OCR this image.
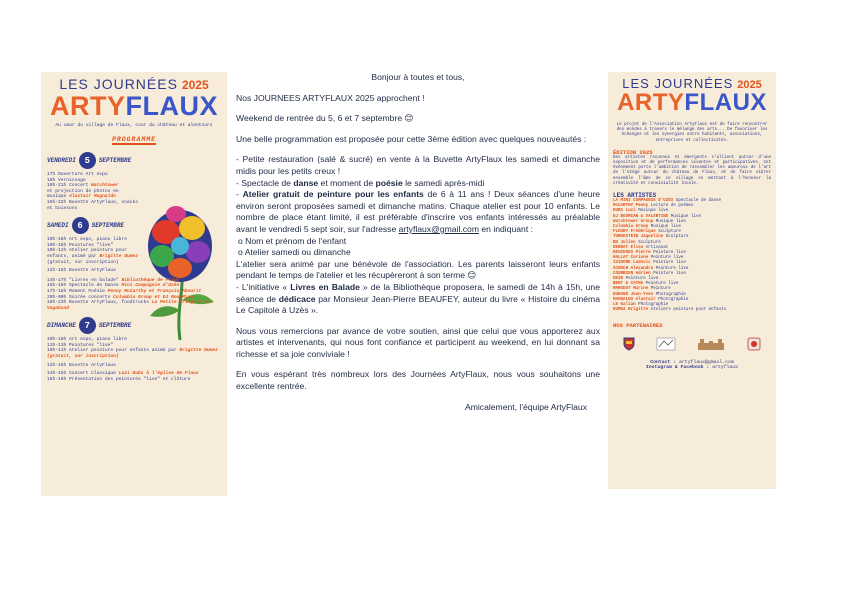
LES JOURNÉES 2025
ARTYFLAUX
Au cœur du village de Flaux, cour du château et alentours
PROGRAMME
VENDREDI 5	SEPTEMBRE
17h Ouverture Art expo
18h Vernissage
19h-21h Concert Watchtower
et projection de photos en musique Alastair Magnaldo
19h-22h Buvette ArtyFlaux, snacks et boissons
SAMEDI 6	SEPTEMBRE
10h-18h Art expo, piano libre
10h-18h Peintures "live"
10h-12h Atelier peinture pour enfants, animé par Brigitte Dumez
(gratuit, sur inscription)
12h-15h Buvette ArtyFlaux
14h-17h "Livres en balade" Bibliothèque de Flaux
15h-16h Spectacle de Danse Mini Compagnie d'Uzès
17h-18h Moment Poésie Penny McCarthy et François Abourit
20h-00h Soirée concerts Columbia Group et DJ Bou-Mian
18h-23h Buvette ArtyFlaux, foodtrucks La Petite fringale et Vagabond
DIMANCHE 7	SEPTEMBRE
10h-18h Art expo, piano libre
11h-13h Peintures "live"
10h-11h Atelier peinture pour enfants animé par Brigitte Dumez (gratuit, sur inscription)
12h-16h Buvette ArtyFlaux
14h-15h Concert Classique Luzi Dubs à l'église de Flaux
15h-16h Présentation des peintures "live" et clôture

Bonjour à toutes et tous,

Nos JOURNEES ARTYFLAUX 2025 approchent !

Weekend de rentrée du 5, 6 et 7 septembre 😊

Une belle programmation est proposée pour cette 3ème édition avec quelques nouveautés :

- Petite restauration (salé & sucré) en vente à la Buvette ArtyFlaux les samedi et dimanche midis pour les petits creux !

- Spectacle de danse et moment de poésie le samedi après-midi

- Atelier gratuit de peinture pour les enfants de 6 à 11 ans ! Deux séances d'une heure environ seront proposées samedi et dimanche matins. Chaque atelier est pour 10 enfants. Le nombre de place étant limité, il est préférable d'inscrire vos enfants intéressés au préalable avant le vendredi 5 sept soir, sur l'adresse artyflaux@gmail.com en indiquant :

o Nom et prénom de l'enfant

o Atelier samedi ou dimanche

L'atelier sera animé par une bénévole de l'association. Les parents laisseront leurs enfants pendant le temps de l'atelier et les récupèreront à son terme 😊

- L'initiative « Livres en Balade » de la Bibliothèque proposera, le samedi de 14h à 15h, une séance de dédicace par Monsieur Jean-Pierre BEAUFEY, auteur du livre « Histoire du cinéma Le Capitole à Uzès ».

Nous vous remercions par avance de votre soutien, ainsi que celui que vous apporterez aux artistes et intervenants, qui nous font confiance et participent au weekend, en lui donnant sa richesse et sa joie conviviale !

En vous espérant très nombreux lors des Journées ArtyFlaux, nous vous souhaitons une excellente rentrée.

Amicalement, l'équipe ArtyFlaux

LES JOURNÉES 2025
ARTYFLAUX
Le projet de l'Association ArtyFlaux est de faire rencontrer des mondes à travers le mélange des arts... De favoriser les échanges et les synergies entre habitants, associations, entreprises et collectivités.
ÉDITION 2025
Des artistes reconnus et émergents s'allient autour d'une exposition et de performances vivantes et participatives. Cet événement porte l'ambition de rassembler les amoureux de l'art de l'Uzège autour du château de Flaux, et de faire vibrer ensemble l'âme de ce village en mettant à l'honneur la créativité et convivialité locale.
LES ARTISTES
LA MINI COMPAGNIE D'UZÈS Spectacle de danse
McCARTHY Penny Lecture de poèmes
DUBS Luzi Musique live
DJ BOUMIAN & VALENTINE Musique live
Watchtower Group Musique live
Columbia Group Musique live
FLEURY Frédérique Sculpture
TURKESTEIN Jaqueline Sculpture
BD Julien Sculpture
DEBRAT Elise Artisanat
DESGUGES Pierre Peinture live
HALLAT Corinne Peinture live
ISIDORE Ludovic Peinture live
SCHUCH Alexandra Peinture live
COURBIER Adrien Peinture live
OKIB Peinture live
BERT & CATHA Peinture live
MARGEOT Marine Peinture
DURAND Jean-Yves Photographie
MAGNALDO Alastair Photographie
LE Kalian Photographie
DUMEZ Brigitte Ateliers peinture pour enfants
NOS PARTENAIRES
Contact : artyflaux@gmail.com
Instagram & Facebook : artyflaux
